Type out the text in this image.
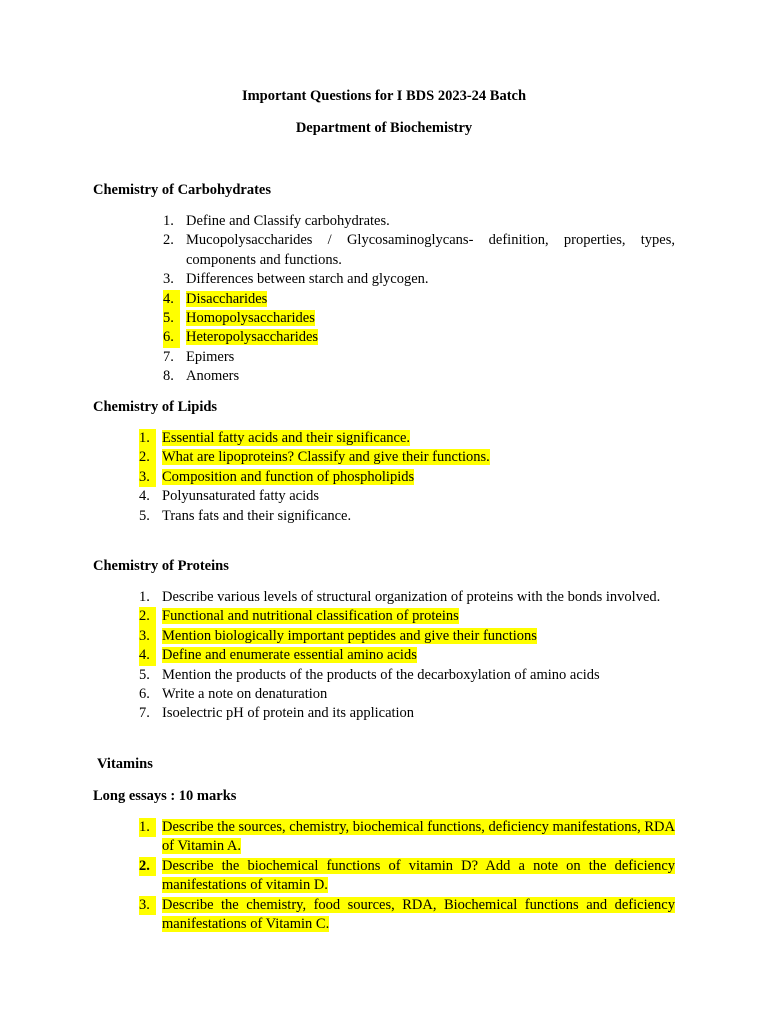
Important Questions for I BDS 2023-24 Batch
Department of Biochemistry
Chemistry of Carbohydrates
1. Define and Classify carbohydrates.
2. Mucopolysaccharides / Glycosaminoglycans- definition, properties, types, components and functions.
3. Differences between starch and glycogen.
4. Disaccharides
5. Homopolysaccharides
6. Heteropolysaccharides
7. Epimers
8. Anomers
Chemistry of Lipids
1. Essential fatty acids and their significance.
2. What are lipoproteins? Classify and give their functions.
3. Composition and function of phospholipids
4. Polyunsaturated fatty acids
5. Trans fats and their significance.
Chemistry of Proteins
1. Describe various levels of structural organization of proteins with the bonds involved.
2. Functional and nutritional classification of proteins
3. Mention biologically important peptides and give their functions
4. Define and enumerate essential amino acids
5. Mention the products of the products of the decarboxylation of amino acids
6. Write a note on denaturation
7. Isoelectric pH of protein and its application
Vitamins
Long essays : 10 marks
1. Describe the sources, chemistry, biochemical functions, deficiency manifestations, RDA of Vitamin A.
2. Describe the biochemical functions of vitamin D? Add a note on the deficiency manifestations of vitamin D.
3. Describe the chemistry, food sources, RDA, Biochemical functions and deficiency manifestations of Vitamin C.
